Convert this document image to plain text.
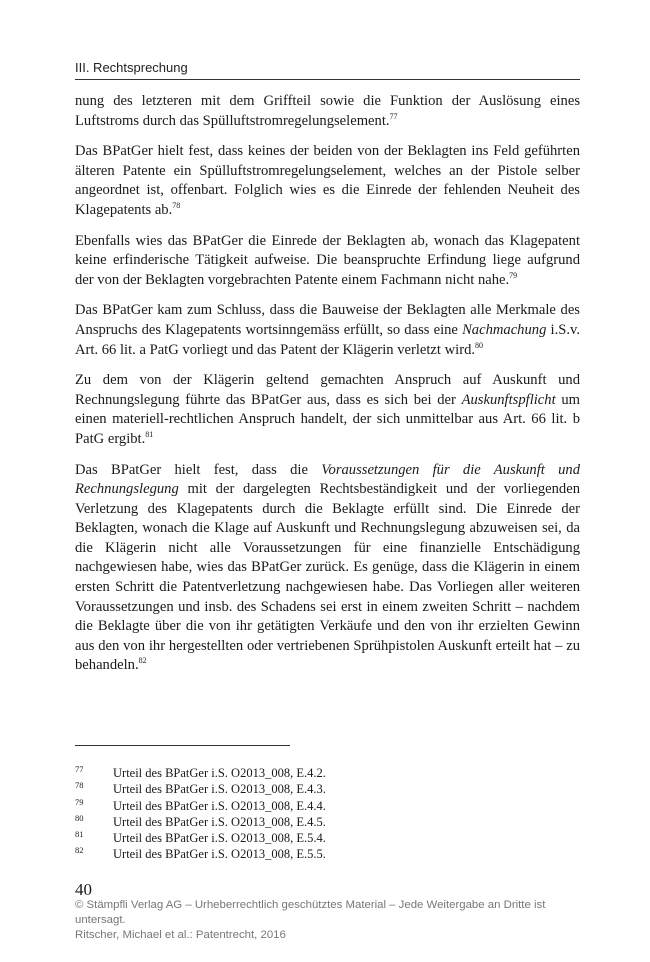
III. Rechtsprechung

nung des letzteren mit dem Griffteil sowie die Funktion der Auslösung eines Luftstroms durch das Spülluftstromregelungselement.$^{77}$

Das BPatGer hielt fest, dass keines der beiden von der Beklagten ins Feld geführten älteren Patente ein Spülluftstromregelungselement, welches an der Pistole selber angeordnet ist, offenbart. Folglich wies es die Einrede der fehlenden Neuheit des Klagepatents ab.$^{78}$

Ebenfalls wies das BPatGer die Einrede der Beklagten ab, wonach das Klagepatent keine erfinderische Tätigkeit aufweise. Die beanspruchte Erfindung liege aufgrund der von der Beklagten vorgebrachten Patente einem Fachmann nicht nahe.$^{79}$

Das BPatGer kam zum Schluss, dass die Bauweise der Beklagten alle Merkmale des Anspruchs des Klagepatents wortsinngemäss erfüllt, so dass eine Nachmachung i.S.v. Art. 66 lit. a PatG vorliegt und das Patent der Klägerin verletzt wird.$^{80}$

Zu dem von der Klägerin geltend gemachten Anspruch auf Auskunft und Rechnungslegung führte das BPatGer aus, dass es sich bei der Auskunftspflicht um einen materiell-rechtlichen Anspruch handelt, der sich unmittelbar aus Art. 66 lit. b PatG ergibt.$^{81}$

Das BPatGer hielt fest, dass die Voraussetzungen für die Auskunft und Rechnungslegung mit der dargelegten Rechtsbeständigkeit und der vorliegenden Verletzung des Klagepatents durch die Beklagte erfüllt sind. Die Einrede der Beklagten, wonach die Klage auf Auskunft und Rechnungslegung abzuweisen sei, da die Klägerin nicht alle Voraussetzungen für eine finanzielle Entschädigung nachgewiesen habe, wies das BPatGer zurück. Es genüge, dass die Klägerin in einem ersten Schritt die Patentverletzung nachgewiesen habe. Das Vorliegen aller weiteren Voraussetzungen und insb. des Schadens sei erst in einem zweiten Schritt – nachdem die Beklagte über die von ihr getätigten Verkäufe und den von ihr erzielten Gewinn aus den von ihr hergestellten oder vertriebenen Sprühpistolen Auskunft erteilt hat – zu behandeln.$^{82}$

77	Urteil des BPatGer i.S. O2013_008, E.4.2.
78	Urteil des BPatGer i.S. O2013_008, E.4.3.
79	Urteil des BPatGer i.S. O2013_008, E.4.4.
80	Urteil des BPatGer i.S. O2013_008, E.4.5.
81	Urteil des BPatGer i.S. O2013_008, E.5.4.
82	Urteil des BPatGer i.S. O2013_008, E.5.5.
40
© Stämpfli Verlag AG – Urheberrechtlich geschütztes Material – Jede Weitergabe an Dritte ist untersagt.
Ritscher, Michael et al.: Patentrecht, 2016
